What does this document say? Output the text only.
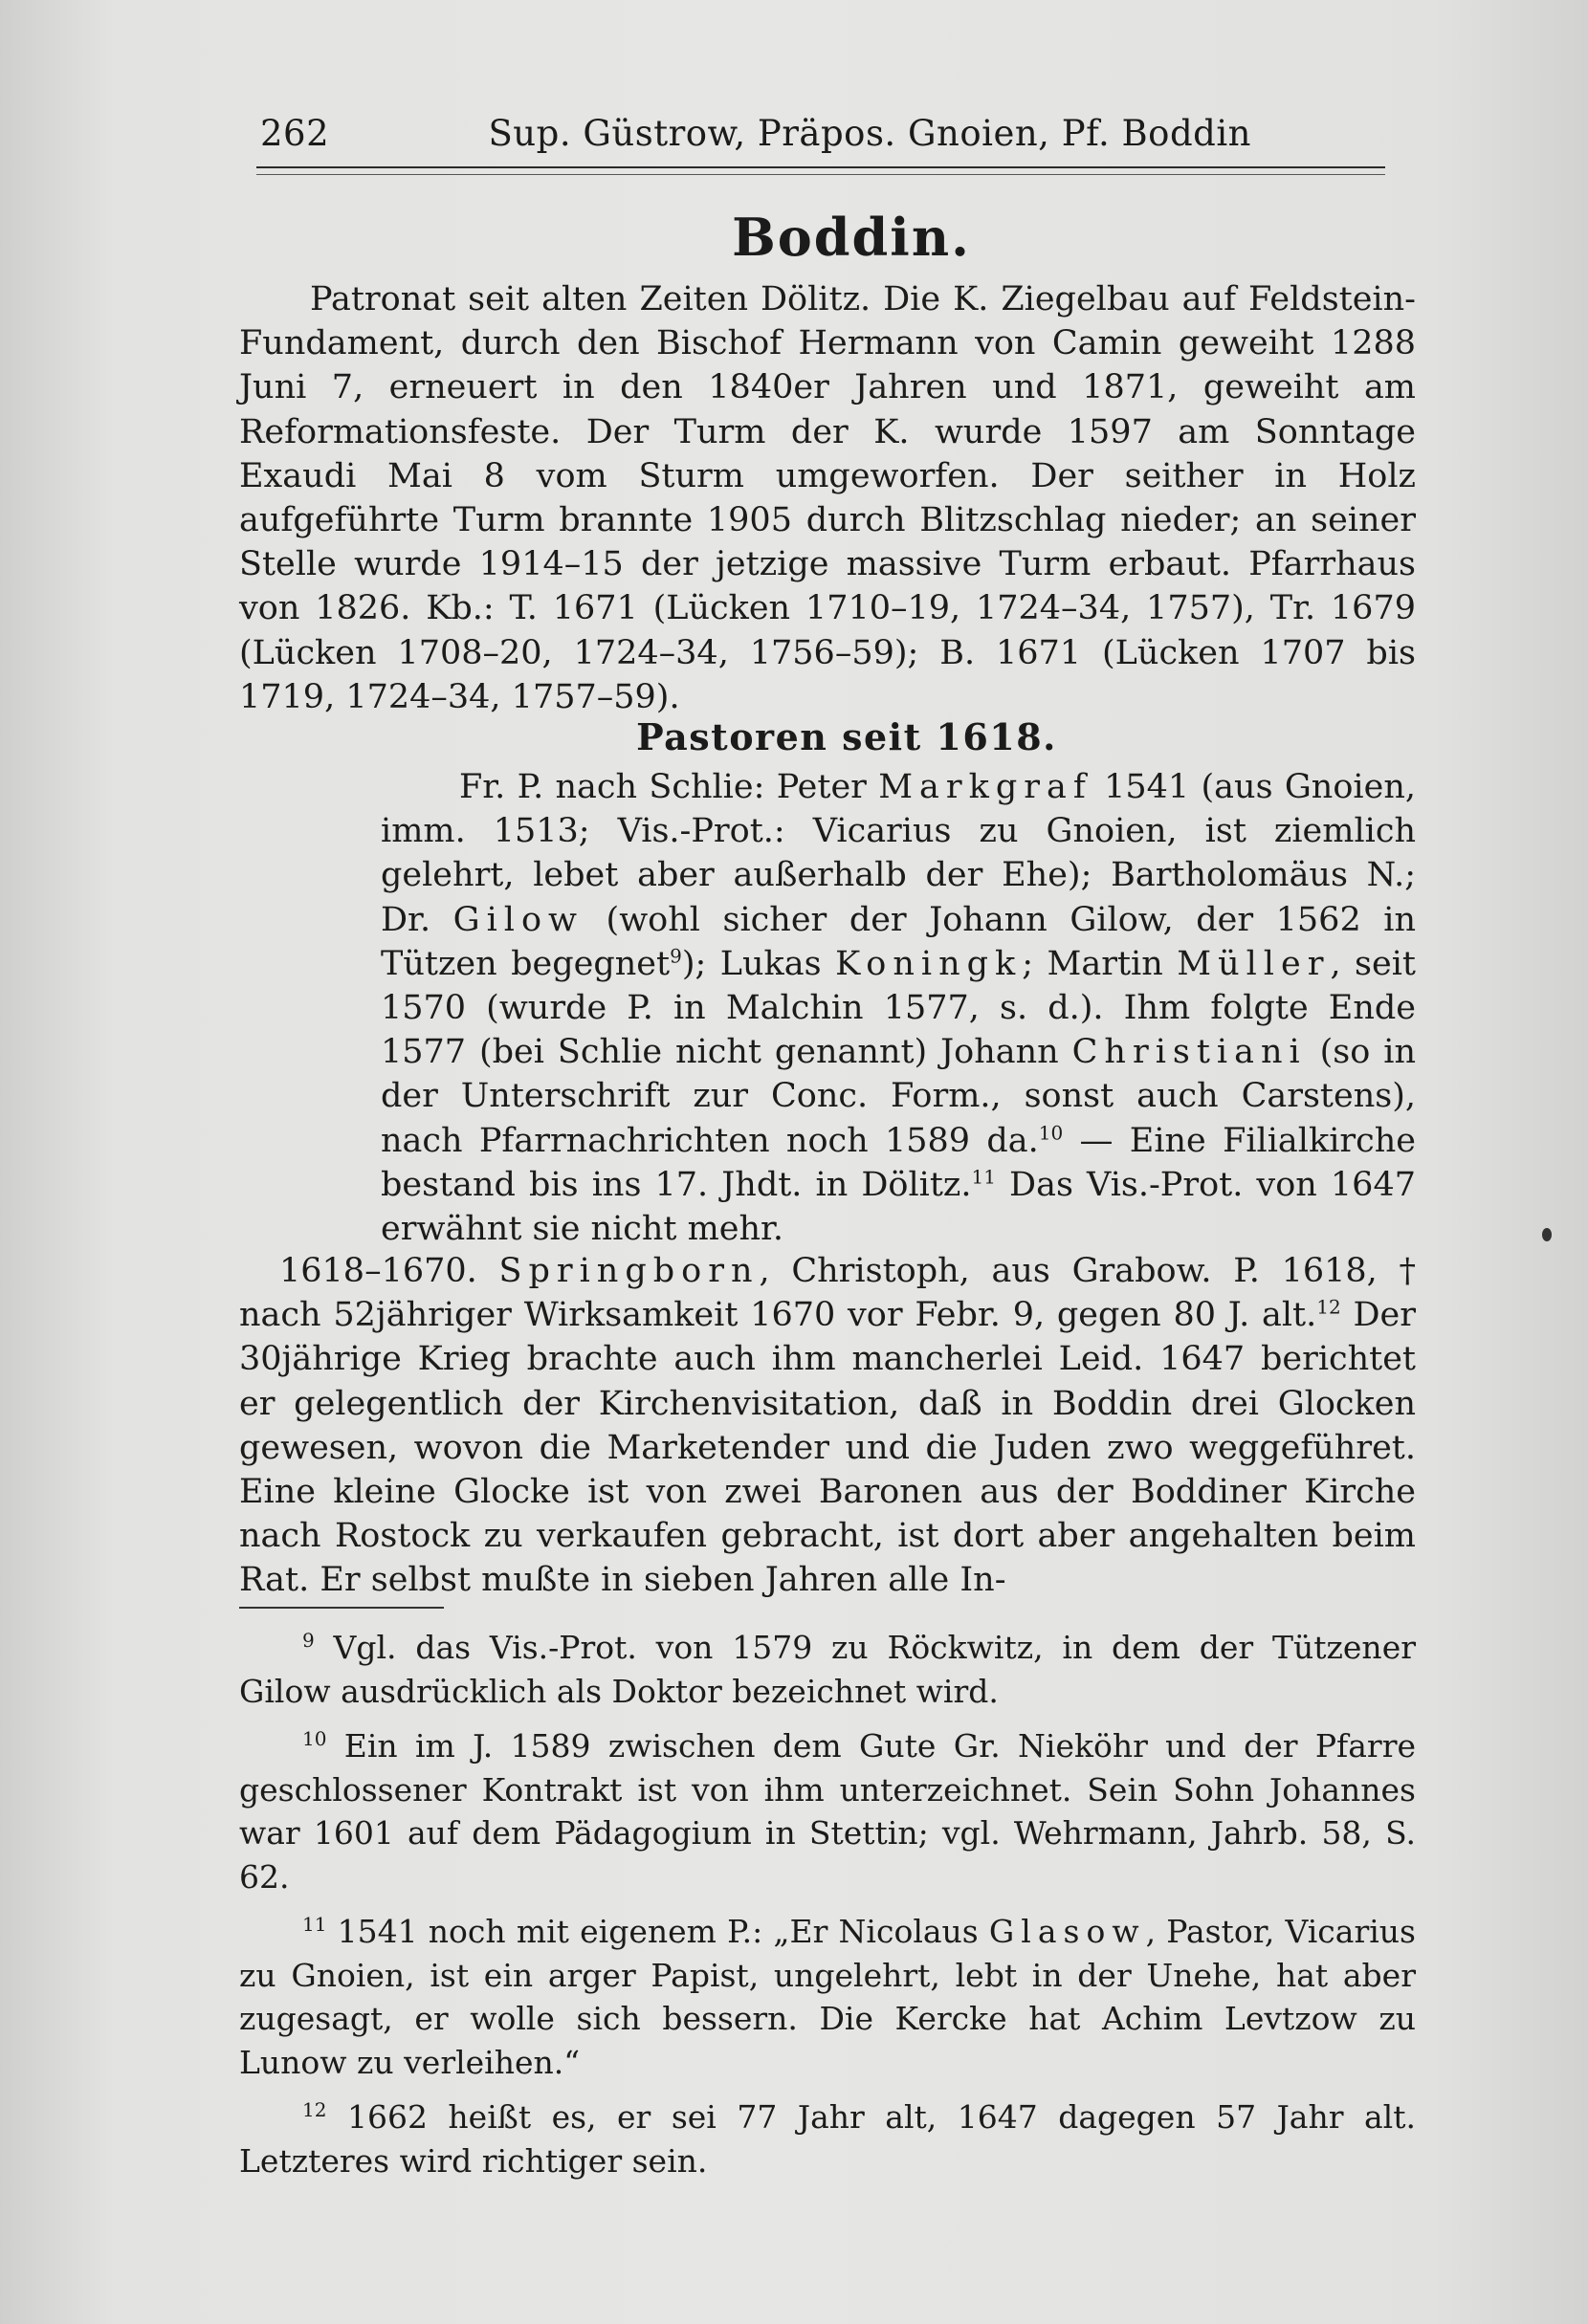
262	Sup. Güstrow, Präpos. Gnoien, Pf. Boddin
Boddin.

Patronat seit alten Zeiten Dölitz. Die K. Ziegelbau auf Feldstein-Fundament, durch den Bischof Hermann von Camin geweiht 1288 Juni 7, erneuert in den 1840er Jahren und 1871, geweiht am Reformationsfeste. Der Turm der K. wurde 1597 am Sonntage Exaudi Mai 8 vom Sturm umgeworfen. Der seither in Holz aufgeführte Turm brannte 1905 durch Blitzschlag nieder; an seiner Stelle wurde 1914–15 der jetzige massive Turm erbaut. Pfarrhaus von 1826. Kb.: T. 1671 (Lücken 1710–19, 1724–34, 1757), Tr. 1679 (Lücken 1708–20, 1724–34, 1756–59); B. 1671 (Lücken 1707 bis 1719, 1724–34, 1757–59).

Pastoren seit 1618.

Fr. P. nach Schlie: Peter Markgraf 1541 (aus Gnoien, imm. 1513; Vis.-Prot.: Vicarius zu Gnoien, ist ziemlich gelehrt, lebet aber außerhalb der Ehe); Bartholomäus N.; Dr. Gilow (wohl sicher der Johann Gilow, der 1562 in Tützen begegnet$^9$); Lukas Koningk; Martin Müller, seit 1570 (wurde P. in Malchin 1577, s. d.). Ihm folgte Ende 1577 (bei Schlie nicht genannt) Johann Christiani (so in der Unterschrift zur Conc. Form., sonst auch Carstens), nach Pfarrnachrichten noch 1589 da.$^{10}$ — Eine Filialkirche bestand bis ins 17. Jhdt. in Dölitz.$^{11}$ Das Vis.-Prot. von 1647 erwähnt sie nicht mehr.

1618–1670. Springborn, Christoph, aus Grabow. P. 1618, † nach 52jähriger Wirksamkeit 1670 vor Febr. 9, gegen 80 J. alt.$^{12}$ Der 30jährige Krieg brachte auch ihm mancherlei Leid. 1647 berichtet er gelegentlich der Kirchenvisitation, daß in Boddin drei Glocken gewesen, wovon die Marketender und die Juden zwo weggeführet. Eine kleine Glocke ist von zwei Baronen aus der Boddiner Kirche nach Rostock zu verkaufen gebracht, ist dort aber angehalten beim Rat. Er selbst mußte in sieben Jahren alle In-

$^9$ Vgl. das Vis.-Prot. von 1579 zu Röckwitz, in dem der Tützener Gilow ausdrücklich als Doktor bezeichnet wird.

$^{10}$ Ein im J. 1589 zwischen dem Gute Gr. Nieköhr und der Pfarre geschlossener Kontrakt ist von ihm unterzeichnet. Sein Sohn Johannes war 1601 auf dem Pädagogium in Stettin; vgl. Wehrmann, Jahrb. 58, S. 62.

$^{11}$ 1541 noch mit eigenem P.: „Er Nicolaus Glasow, Pastor, Vicarius zu Gnoien, ist ein arger Papist, ungelehrt, lebt in der Unehe, hat aber zugesagt, er wolle sich bessern. Die Kercke hat Achim Levtzow zu Lunow zu verleihen.“

$^{12}$ 1662 heißt es, er sei 77 Jahr alt, 1647 dagegen 57 Jahr alt. Letzteres wird richtiger sein.
